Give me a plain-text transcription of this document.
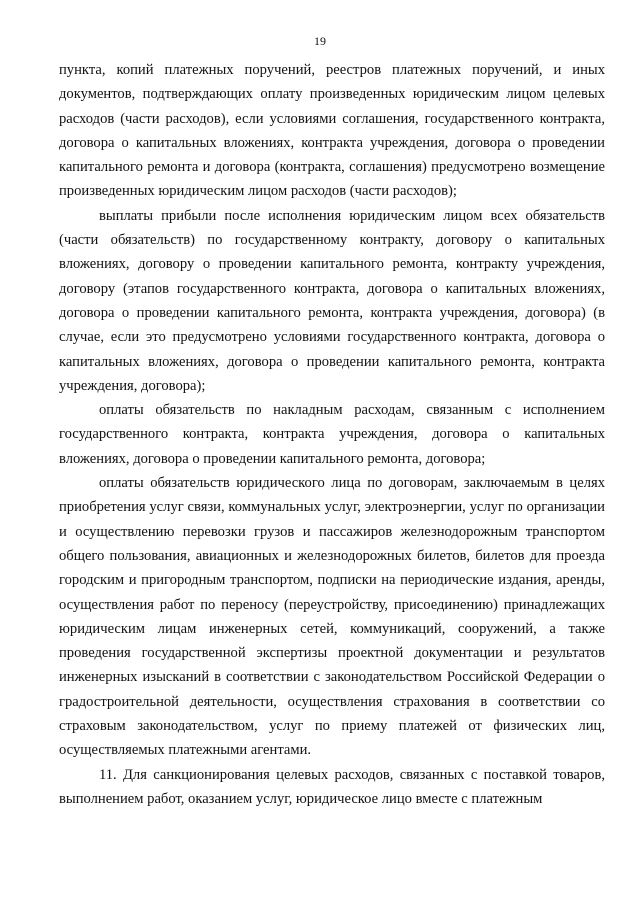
19

пункта, копий платежных поручений, реестров платежных поручений, и иных документов, подтверждающих оплату произведенных юридическим лицом целевых расходов (части расходов), если условиями соглашения, государственного контракта, договора о капитальных вложениях, контракта учреждения, договора о проведении капитального ремонта и договора (контракта, соглашения) предусмотрено возмещение произведенных юридическим лицом расходов (части расходов);

выплаты прибыли после исполнения юридическим лицом всех обязательств (части обязательств) по государственному контракту, договору о капитальных вложениях, договору о проведении капитального ремонта, контракту учреждения, договору (этапов государственного контракта, договора о капитальных вложениях, договора о проведении капитального ремонта, контракта учреждения, договора) (в случае, если это предусмотрено условиями государственного контракта, договора о капитальных вложениях, договора о проведении капитального ремонта, контракта учреждения, договора);

оплаты обязательств по накладным расходам, связанным с исполнением государственного контракта, контракта учреждения, договора о капитальных вложениях, договора о проведении капитального ремонта, договора;

оплаты обязательств юридического лица по договорам, заключаемым в целях приобретения услуг связи, коммунальных услуг, электроэнергии, услуг по организации и осуществлению перевозки грузов и пассажиров железнодорожным транспортом общего пользования, авиационных и железнодорожных билетов, билетов для проезда городским и пригородным транспортом, подписки на периодические издания, аренды, осуществления работ по переносу (переустройству, присоединению) принадлежащих юридическим лицам инженерных сетей, коммуникаций, сооружений, а также проведения государственной экспертизы проектной документации и результатов инженерных изысканий в соответствии с законодательством Российской Федерации о градостроительной деятельности, осуществления страхования в соответствии со страховым законодательством, услуг по приему платежей от физических лиц, осуществляемых платежными агентами.

11. Для санкционирования целевых расходов, связанных с поставкой товаров, выполнением работ, оказанием услуг, юридическое лицо вместе с платежным
